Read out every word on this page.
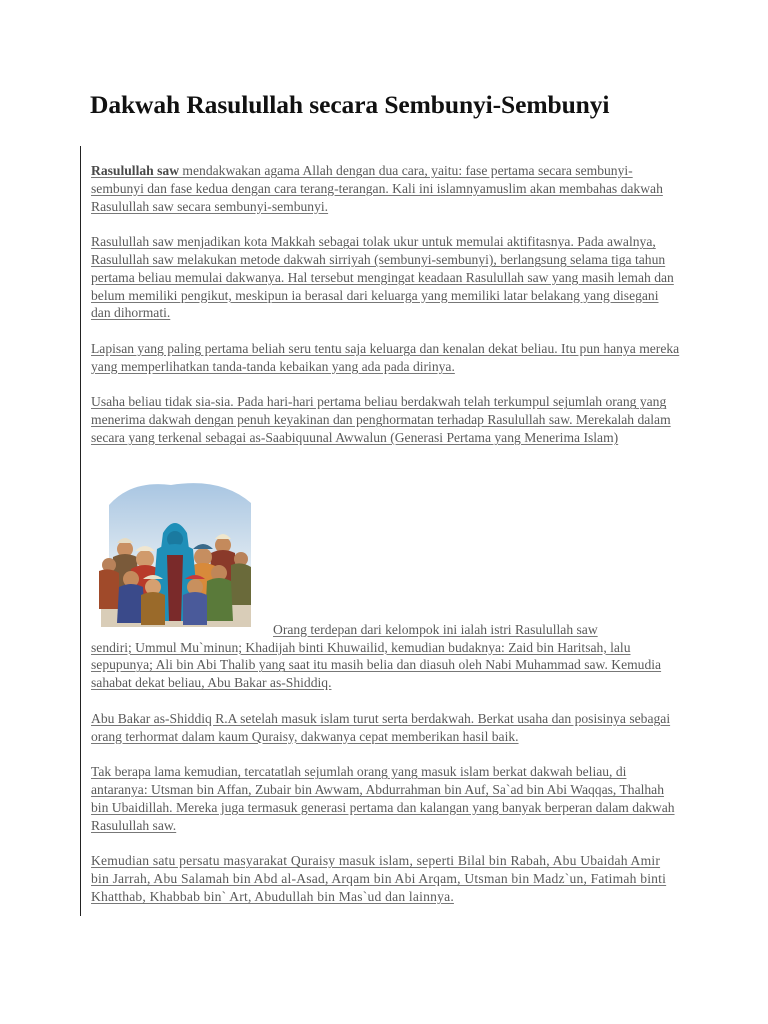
Dakwah Rasulullah secara Sembunyi-Sembunyi

Rasulullah saw mendakwakan agama Allah dengan dua cara, yaitu: fase pertama secara sembunyi-sembunyi dan fase kedua dengan cara terang-terangan. Kali ini islamnyamuslim akan membahas dakwah Rasulullah saw secara sembunyi-sembunyi.

Rasulullah saw menjadikan kota Makkah sebagai tolak ukur untuk memulai aktifitasnya. Pada awalnya, Rasulullah saw melakukan metode dakwah sirriyah (sembunyi-sembunyi), berlangsung selama tiga tahun pertama beliau memulai dakwanya. Hal tersebut mengingat keadaan Rasulullah saw yang masih lemah dan belum memiliki pengikut, meskipun ia berasal dari keluarga yang memiliki latar belakang yang disegani dan dihormati.

Lapisan yang paling pertama beliah seru tentu saja keluarga dan kenalan dekat beliau. Itu pun hanya mereka yang memperlihatkan tanda-tanda kebaikan yang ada pada dirinya.

Usaha beliau tidak sia-sia. Pada hari-hari pertama beliau berdakwah telah terkumpul sejumlah orang yang menerima dakwah dengan penuh keyakinan dan penghormatan terhadap Rasulullah saw. Merekalah dalam secara yang terkenal sebagai as-Saabiquunal Awwalun (Generasi Pertama yang Menerima Islam)

Orang terdepan dari kelompok ini ialah istri Rasulullah saw
sendiri; Ummul Mu`minun; Khadijah binti Khuwailid, kemudian budaknya: Zaid bin Haritsah, lalu sepupunya; Ali bin Abi Thalib yang saat itu masih belia dan diasuh oleh Nabi Muhammad saw. Kemudia sahabat dekat beliau, Abu Bakar as-Shiddiq.

Abu Bakar as-Shiddiq R.A setelah masuk islam turut serta berdakwah. Berkat usaha dan posisinya sebagai orang terhormat dalam kaum Quraisy, dakwanya cepat memberikan hasil baik.

Tak berapa lama kemudian, tercatatlah sejumlah orang yang masuk islam berkat dakwah beliau, di antaranya: Utsman bin Affan, Zubair bin Awwam, Abdurrahman bin Auf, Sa`ad bin Abi Waqqas, Thalhah bin Ubaidillah. Mereka juga termasuk generasi pertama dan kalangan yang banyak berperan dalam dakwah Rasulullah saw.

Kemudian satu persatu masyarakat Quraisy masuk islam, seperti Bilal bin Rabah, Abu Ubaidah Amir bin Jarrah, Abu Salamah bin Abd al-Asad, Arqam bin Abi Arqam, Utsman bin Madz`un, Fatimah binti Khatthab, Khabbab bin` Art, Abudullah bin Mas`ud dan lainnya.
